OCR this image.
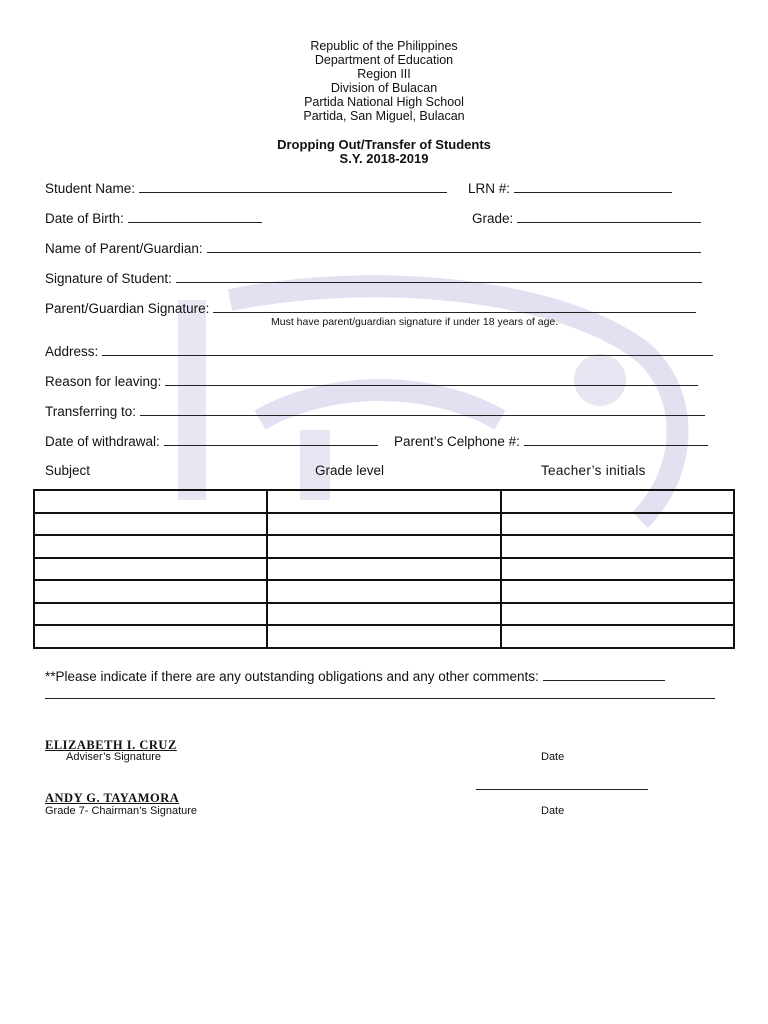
Republic of the Philippines
Department of Education
Region III
Division of Bulacan
Partida National High School
Partida, San Miguel, Bulacan
Dropping Out/Transfer of Students
S.Y. 2018-2019
Student Name:	LRN #:
Date of Birth:	Grade:
Name of Parent/Guardian:
Signature of Student:
Parent/Guardian Signature:
Must have parent/guardian signature if under 18 years of age.
Address:
Reason for leaving:
Transferring to:
Date of withdrawal:	Parent’s Celphone #:
Subject	Grade level	Teacher’s initials

**Please indicate if there are any outstanding obligations and any other comments:
ELIZABETH I. CRUZ
Adviser’s Signature	Date
ANDY G. TAYAMORA
Grade 7- Chairman’s Signature	Date
